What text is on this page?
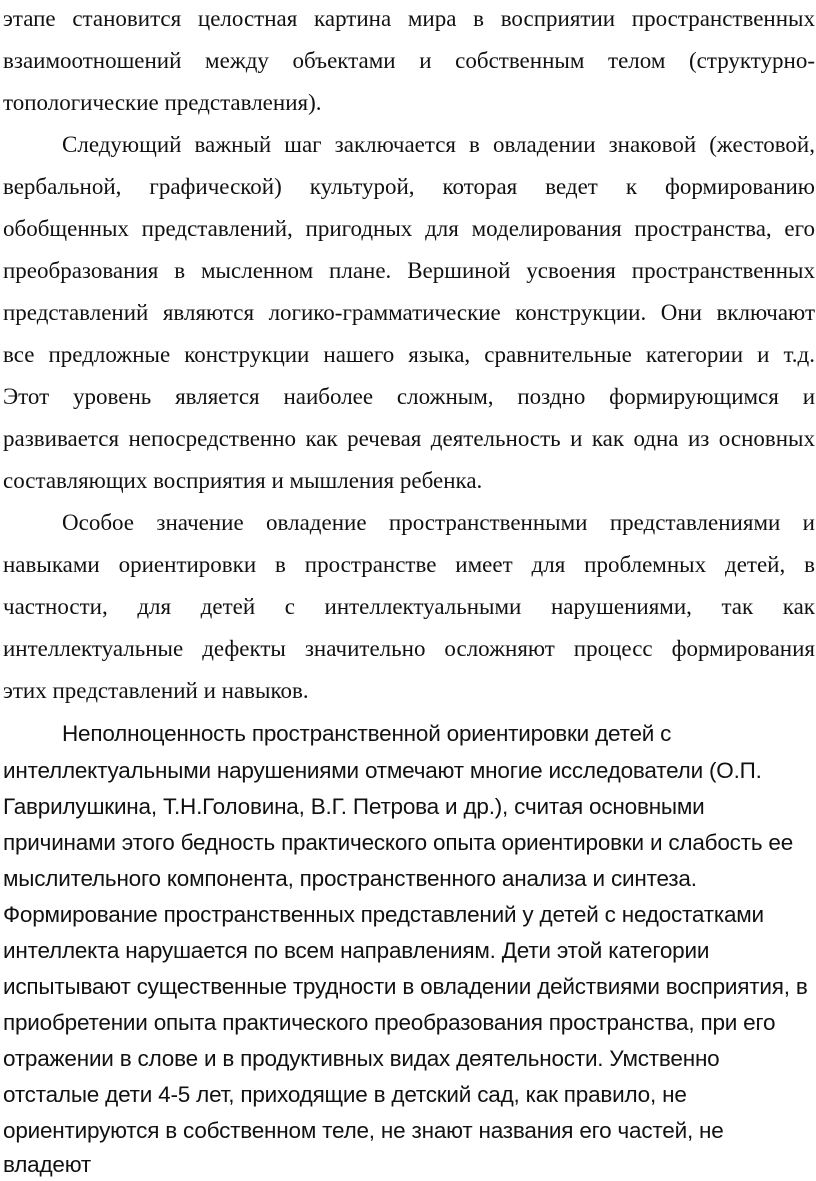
этапе становится целостная картина мира в восприятии пространственных
взаимоотношений между объектами и собственным телом (структурно-
топологические представления).
Следующий важный шаг заключается в овладении знаковой (жестовой,
вербальной, графической) культурой, которая ведет к формированию
обобщенных представлений, пригодных для моделирования пространства, его
преобразования в мысленном плане. Вершиной усвоения пространственных
представлений являются логико-грамматические конструкции. Они включают
все предложные конструкции нашего языка, сравнительные категории и т.д.
Этот уровень является наиболее сложным, поздно формирующимся и
развивается непосредственно как речевая деятельность и как одна из основных
составляющих восприятия и мышления ребенка.
Особое значение овладение пространственными представлениями и
навыками ориентировки в пространстве имеет для проблемных детей, в
частности, для детей с интеллектуальными нарушениями, так как
интеллектуальные дефекты значительно осложняют процесс формирования
этих представлений и навыков.
Неполноценность пространственной ориентировки детей с
интеллектуальными нарушениями отмечают многие исследователи (О.П.
Гаврилушкина, Т.Н.Головина, В.Г. Петрова и др.), считая основными
причинами этого бедность практического опыта ориентировки и слабость ее
мыслительного компонента, пространственного анализа и синтеза.
Формирование пространственных представлений у детей с недостатками
интеллекта нарушается по всем направлениям. Дети этой категории
испытывают существенные трудности в овладении действиями восприятия, в
приобретении опыта практического преобразования пространства, при его
отражении в слове и в продуктивных видах деятельности. Умственно
отсталые дети 4-5 лет, приходящие в детский сад, как правило, не
ориентируются в собственном теле, не знают названия его частей, не
владеют
